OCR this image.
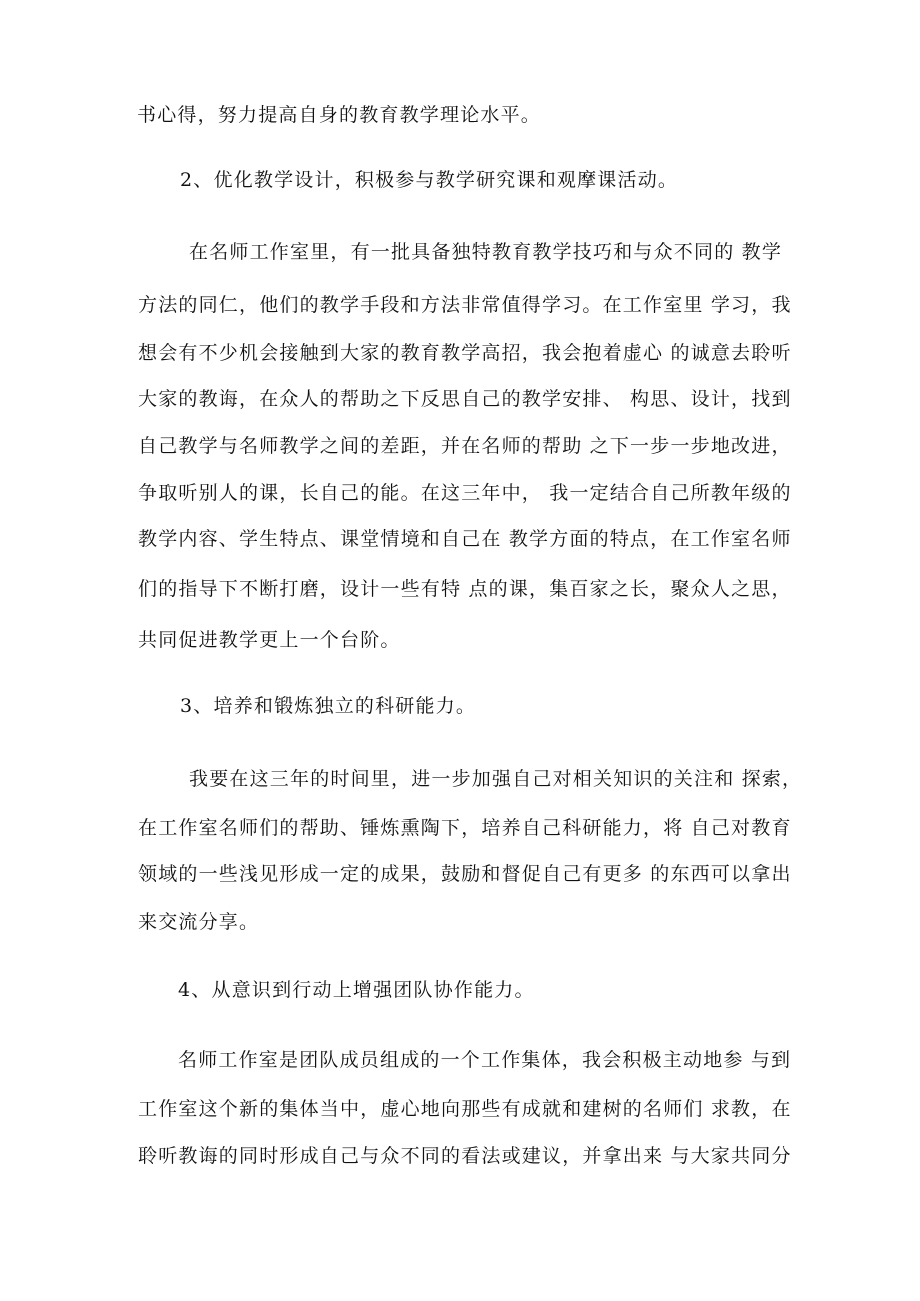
书心得，努力提高自身的教育教学理论水平。
2、优化教学设计，积极参与教学研究课和观摩课活动。
在名师工作室里，有一批具备独特教育教学技巧和与众不同的 教学
方法的同仁，他们的教学手段和方法非常值得学习。在工作室里 学习，我
想会有不少机会接触到大家的教育教学高招，我会抱着虚心 的诚意去聆听
大家的教诲，在众人的帮助之下反思自己的教学安排、 构思、设计，找到
自己教学与名师教学之间的差距，并在名师的帮助 之下一步一步地改进，
争取听别人的课，长自己的能。在这三年中， 我一定结合自己所教年级的
教学内容、学生特点、课堂情境和自己在 教学方面的特点，在工作室名师
们的指导下不断打磨，设计一些有特 点的课，集百家之长，聚众人之思，
共同促进教学更上一个台阶。
3、培养和锻炼独立的科研能力。
我要在这三年的时间里，进一步加强自己对相关知识的关注和 探索，
在工作室名师们的帮助、锤炼熏陶下，培养自己科研能力，将 自己对教育
领域的一些浅见形成一定的成果，鼓励和督促自己有更多 的东西可以拿出
来交流分享。
4、从意识到行动上增强团队协作能力。
名师工作室是团队成员组成的一个工作集体，我会积极主动地参 与到
工作室这个新的集体当中，虚心地向那些有成就和建树的名师们 求教，在
聆听教诲的同时形成自己与众不同的看法或建议，并拿出来 与大家共同分
